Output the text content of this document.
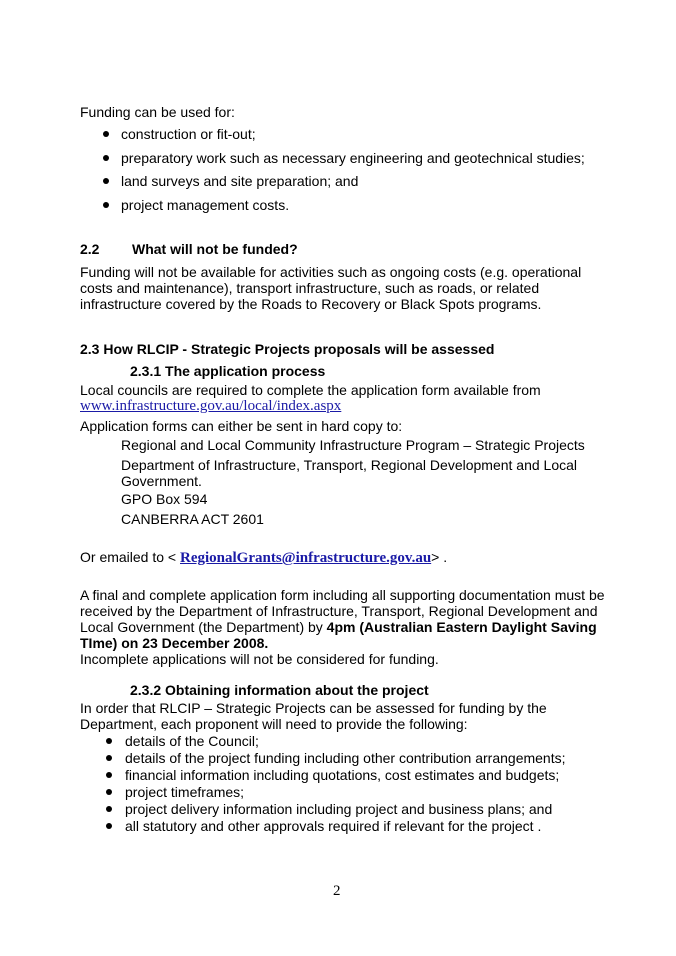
Funding can be used for:
construction or fit-out;
preparatory work such as necessary engineering and geotechnical studies;
land surveys and site preparation; and
project management costs.
2.2 What will not be funded?
Funding will not be available for activities such as ongoing costs (e.g. operational
costs and maintenance), transport infrastructure, such as roads, or related
infrastructure covered by the Roads to Recovery or Black Spots programs.
2.3 How RLCIP - Strategic Projects proposals will be assessed
2.3.1 The application process
Local councils are required to complete the application form available from
www.infrastructure.gov.au/local/index.aspx
Application forms can either be sent in hard copy to:
Regional and Local Community Infrastructure Program – Strategic Projects
Department of Infrastructure, Transport, Regional Development and Local
Government.
GPO Box 594
CANBERRA ACT 2601
Or emailed to < RegionalGrants@infrastructure.gov.au> .
A final and complete application form including all supporting documentation must be
received by the Department of Infrastructure, Transport, Regional Development and
Local Government (the Department) by 4pm (Australian Eastern Daylight Saving
TIme) on 23 December 2008.
Incomplete applications will not be considered for funding.
2.3.2 Obtaining information about the project
In order that RLCIP – Strategic Projects can be assessed for funding by the
Department, each proponent will need to provide the following:
details of the Council;
details of the project funding including other contribution arrangements;
financial information including quotations, cost estimates and budgets;
project timeframes;
project delivery information including project and business plans; and
all statutory and other approvals required if relevant for the project .
2
